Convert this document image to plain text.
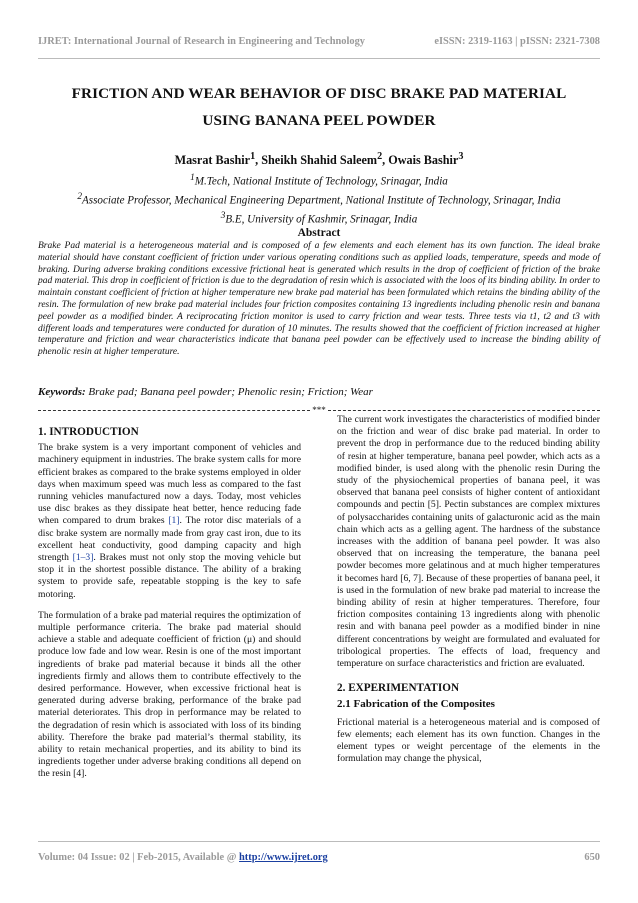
IJRET: International Journal of Research in Engineering and Technology	eISSN: 2319-1163 | pISSN: 2321-7308
FRICTION AND WEAR BEHAVIOR OF DISC BRAKE PAD MATERIAL
USING BANANA PEEL POWDER
Masrat Bashir$^1$, Sheikh Shahid Saleem$^2$, Owais Bashir$^3$
$^1$M.Tech, National Institute of Technology, Srinagar, India
$^2$Associate Professor, Mechanical Engineering Department, National Institute of Technology, Srinagar, India
$^3$B.E, University of Kashmir, Srinagar, India
Abstract
Brake Pad material is a heterogeneous material and is composed of a few elements and each element has its own function. The ideal brake material should have constant coefficient of friction under various operating conditions such as applied loads, temperature, speeds and mode of braking. During adverse braking conditions excessive frictional heat is generated which results in the drop of coefficient of friction of the brake pad material. This drop in coefficient of friction is due to the degradation of resin which is associated with the loos of its binding ability. In order to maintain constant coefficient of friction at higher temperature new brake pad material has been formulated which retains the binding ability of the resin. The formulation of new brake pad material includes four friction composites containing 13 ingredients including phenolic resin and banana peel powder as a modified binder. A reciprocating friction monitor is used to carry friction and wear tests. Three tests via t1, t2 and t3 with different loads and temperatures were conducted for duration of 10 minutes. The results showed that the coefficient of friction increased at higher temperature and friction and wear characteristics indicate that banana peel powder can be effectively used to increase the binding ability of phenolic resin at higher temperature.
Keywords: Brake pad; Banana peel powder; Phenolic resin; Friction; Wear
***
1. INTRODUCTION

The brake system is a very important component of vehicles and machinery equipment in industries. The brake system calls for more efficient brakes as compared to the brake systems employed in older days when maximum speed was much less as compared to the fast running vehicles manufactured now a days. Today, most vehicles use disc brakes as they dissipate heat better, hence reducing fade when compared to drum brakes [1]. The rotor disc materials of a disc brake system are normally made from gray cast iron, due to its excellent heat conductivity, good damping capacity and high strength [1–3]. Brakes must not only stop the moving vehicle but stop it in the shortest possible distance. The ability of a braking system to provide safe, repeatable stopping is the key to safe motoring.

The formulation of a brake pad material requires the optimization of multiple performance criteria. The brake pad material should achieve a stable and adequate coefficient of friction (μ) and should produce low fade and low wear. Resin is one of the most important ingredients of brake pad material because it binds all the other ingredients firmly and allows them to contribute effectively to the desired performance. However, when excessive frictional heat is generated during adverse braking, performance of the brake pad material deteriorates. This drop in performance may be related to the degradation of resin which is associated with loss of its binding ability. Therefore the brake pad material’s thermal stability, its ability to retain mechanical properties, and its ability to bind its ingredients together under adverse braking conditions all depend on the resin [4].

The current work investigates the characteristics of modified binder on the friction and wear of disc brake pad material. In order to prevent the drop in performance due to the reduced binding ability of resin at higher temperature, banana peel powder, which acts as a modified binder, is used along with the phenolic resin During the study of the physiochemical properties of banana peel, it was observed that banana peel consists of higher content of antioxidant compounds and pectin [5]. Pectin substances are complex mixtures of polysaccharides containing units of galacturonic acid as the main chain which acts as a gelling agent. The hardness of the substance increases with the addition of banana peel powder. It was also observed that on increasing the temperature, the banana peel powder becomes more gelatinous and at much higher temperatures it becomes hard [6, 7]. Because of these properties of banana peel, it is used in the formulation of new brake pad material to increase the binding ability of resin at higher temperatures. Therefore, four friction composites containing 13 ingredients along with phenolic resin and with banana peel powder as a modified binder in nine different concentrations by weight are formulated and evaluated for tribological properties. The effects of load, frequency and temperature on surface characteristics and friction are evaluated.

2. EXPERIMENTATION
2.1 Fabrication of the Composites

Frictional material is a heterogeneous material and is composed of few elements; each element has its own function. Changes in the element types or weight percentage of the elements in the formulation may change the physical,

Volume: 04 Issue: 02 | Feb-2015, Available @ http://www.ijret.org	650
